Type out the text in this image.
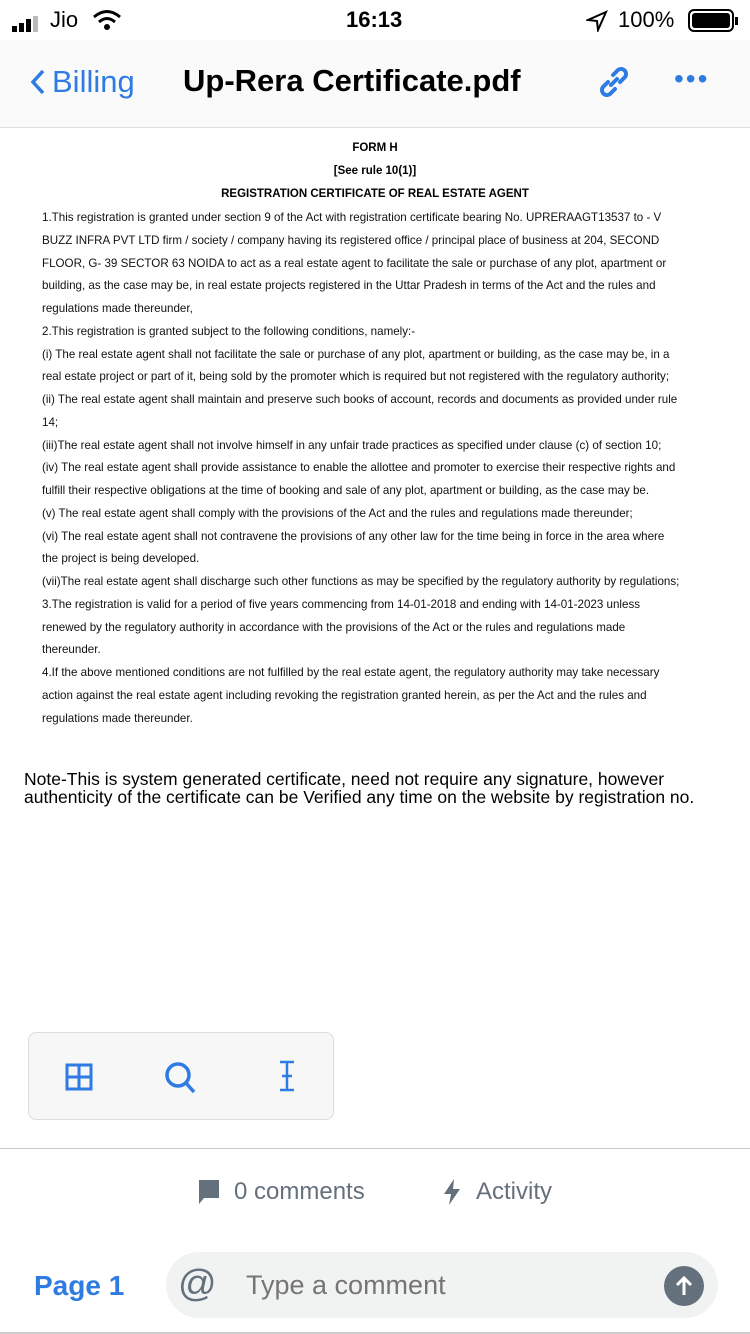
Jio	16:13	100%
Billing Up-Rera Certificate.pdf	•••
FORM H
[See rule 10(1)]
REGISTRATION CERTIFICATE OF REAL ESTATE AGENT
1.This registration is granted under section 9 of the Act with registration certificate bearing No. UPRERAAGT13537 to - V
BUZZ INFRA PVT LTD firm / society / company having its registered office / principal place of business at 204, SECOND
FLOOR, G- 39 SECTOR 63 NOIDA to act as a real estate agent to facilitate the sale or purchase of any plot, apartment or
building, as the case may be, in real estate projects registered in the Uttar Pradesh in terms of the Act and the rules and
regulations made thereunder,
2.This registration is granted subject to the following conditions, namely:-
(i) The real estate agent shall not facilitate the sale or purchase of any plot, apartment or building, as the case may be, in a
real estate project or part of it, being sold by the promoter which is required but not registered with the regulatory authority;
(ii) The real estate agent shall maintain and preserve such books of account, records and documents as provided under rule
14;
(iii)The real estate agent shall not involve himself in any unfair trade practices as specified under clause (c) of section 10;
(iv) The real estate agent shall provide assistance to enable the allottee and promoter to exercise their respective rights and
fulfill their respective obligations at the time of booking and sale of any plot, apartment or building, as the case may be.
(v) The real estate agent shall comply with the provisions of the Act and the rules and regulations made thereunder;
(vi) The real estate agent shall not contravene the provisions of any other law for the time being in force in the area where
the project is being developed.
(vii)The real estate agent shall discharge such other functions as may be specified by the regulatory authority by regulations;
3.The registration is valid for a period of five years commencing from 14-01-2018 and ending with 14-01-2023 unless
renewed by the regulatory authority in accordance with the provisions of the Act or the rules and regulations made
thereunder.
4.If the above mentioned conditions are not fulfilled by the real estate agent, the regulatory authority may take necessary
action against the real estate agent including revoking the registration granted herein, as per the Act and the rules and
regulations made thereunder.
Note-This is system generated certificate, need not require any signature, however authenticity of the certificate can be Verified any time on the website by registration no.
0 comments	Activity
Page 1 @
Type a comment
